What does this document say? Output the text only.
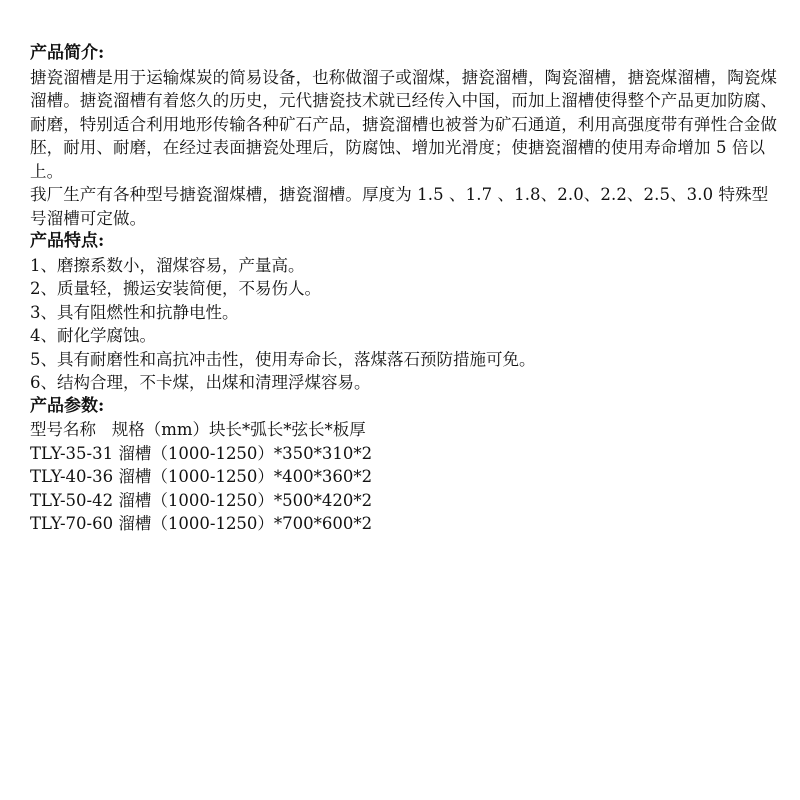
产品简介:

搪瓷溜槽是用于运输煤炭的简易设备，也称做溜子或溜煤，搪瓷溜槽，陶瓷溜槽，搪瓷煤溜槽，陶瓷煤溜槽。搪瓷溜槽有着悠久的历史，元代搪瓷技术就已经传入中国，而加上溜槽使得整个产品更加防腐、耐磨，特别适合利用地形传输各种矿石产品，搪瓷溜槽也被誉为矿石通道，利用高强度带有弹性合金做胚，耐用、耐磨，在经过表面搪瓷处理后，防腐蚀、增加光滑度；使搪瓷溜槽的使用寿命增加 5 倍以上。

我厂生产有各种型号搪瓷溜煤槽，搪瓷溜槽。厚度为 1.5 、1.7 、1.8、2.0、2.2、2.5、3.0 特殊型号溜槽可定做。

产品特点:

1、磨擦系数小，溜煤容易，产量高。

2、质量轻，搬运安装简便，不易伤人。

3、具有阻燃性和抗静电性。

4、耐化学腐蚀。

5、具有耐磨性和高抗冲击性，使用寿命长，落煤落石预防措施可免。

6、结构合理，不卡煤，出煤和清理浮煤容易。

产品参数:

型号名称   规格（mm）块长*弧长*弦长*板厚

TLY-35-31 溜槽（1000-1250）*350*310*2

TLY-40-36 溜槽（1000-1250）*400*360*2

TLY-50-42 溜槽（1000-1250）*500*420*2

TLY-70-60 溜槽（1000-1250）*700*600*2
